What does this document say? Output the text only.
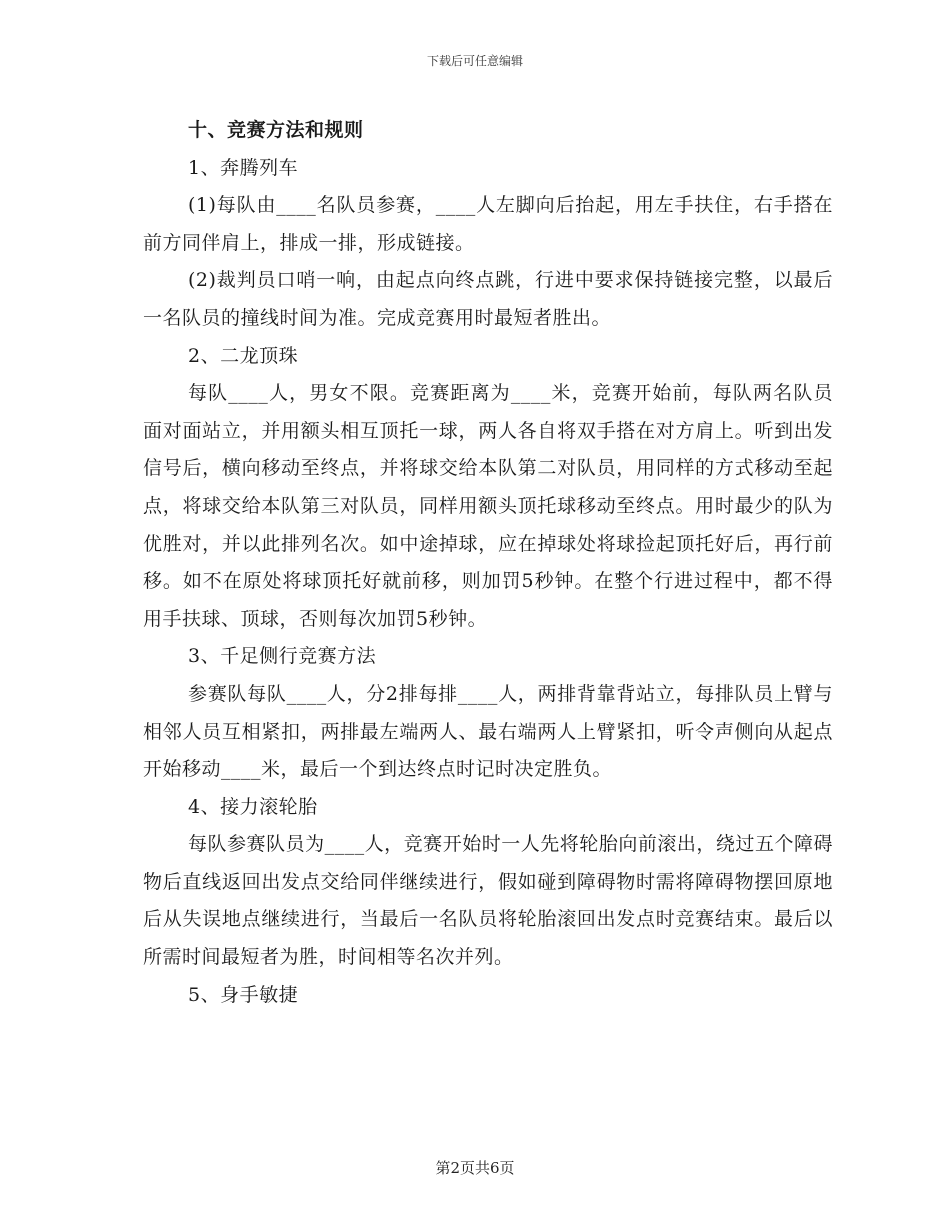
下载后可任意编辑

十、竞赛方法和规则

1、奔腾列车

(1)每队由____名队员参赛，____人左脚向后抬起，用左手扶住，右手搭在前方同伴肩上，排成一排，形成链接。

(2)裁判员口哨一响，由起点向终点跳，行进中要求保持链接完整，以最后一名队员的撞线时间为准。完成竞赛用时最短者胜出。

2、二龙顶珠

每队____人，男女不限。竞赛距离为____米，竞赛开始前，每队两名队员面对面站立，并用额头相互顶托一球，两人各自将双手搭在对方肩上。听到出发信号后，横向移动至终点，并将球交给本队第二对队员，用同样的方式移动至起点，将球交给本队第三对队员，同样用额头顶托球移动至终点。用时最少的队为优胜对，并以此排列名次。如中途掉球，应在掉球处将球捡起顶托好后，再行前移。如不在原处将球顶托好就前移，则加罚5秒钟。在整个行进过程中，都不得用手扶球、顶球，否则每次加罚5秒钟。

3、千足侧行竞赛方法

参赛队每队____人，分2排每排____人，两排背靠背站立，每排队员上臂与相邻人员互相紧扣，两排最左端两人、最右端两人上臂紧扣，听令声侧向从起点开始移动____米，最后一个到达终点时记时决定胜负。

4、接力滚轮胎

每队参赛队员为____人，竞赛开始时一人先将轮胎向前滚出，绕过五个障碍物后直线返回出发点交给同伴继续进行，假如碰到障碍物时需将障碍物摆回原地后从失误地点继续进行，当最后一名队员将轮胎滚回出发点时竞赛结束。最后以所需时间最短者为胜，时间相等名次并列。

5、身手敏捷

第2页共6页
